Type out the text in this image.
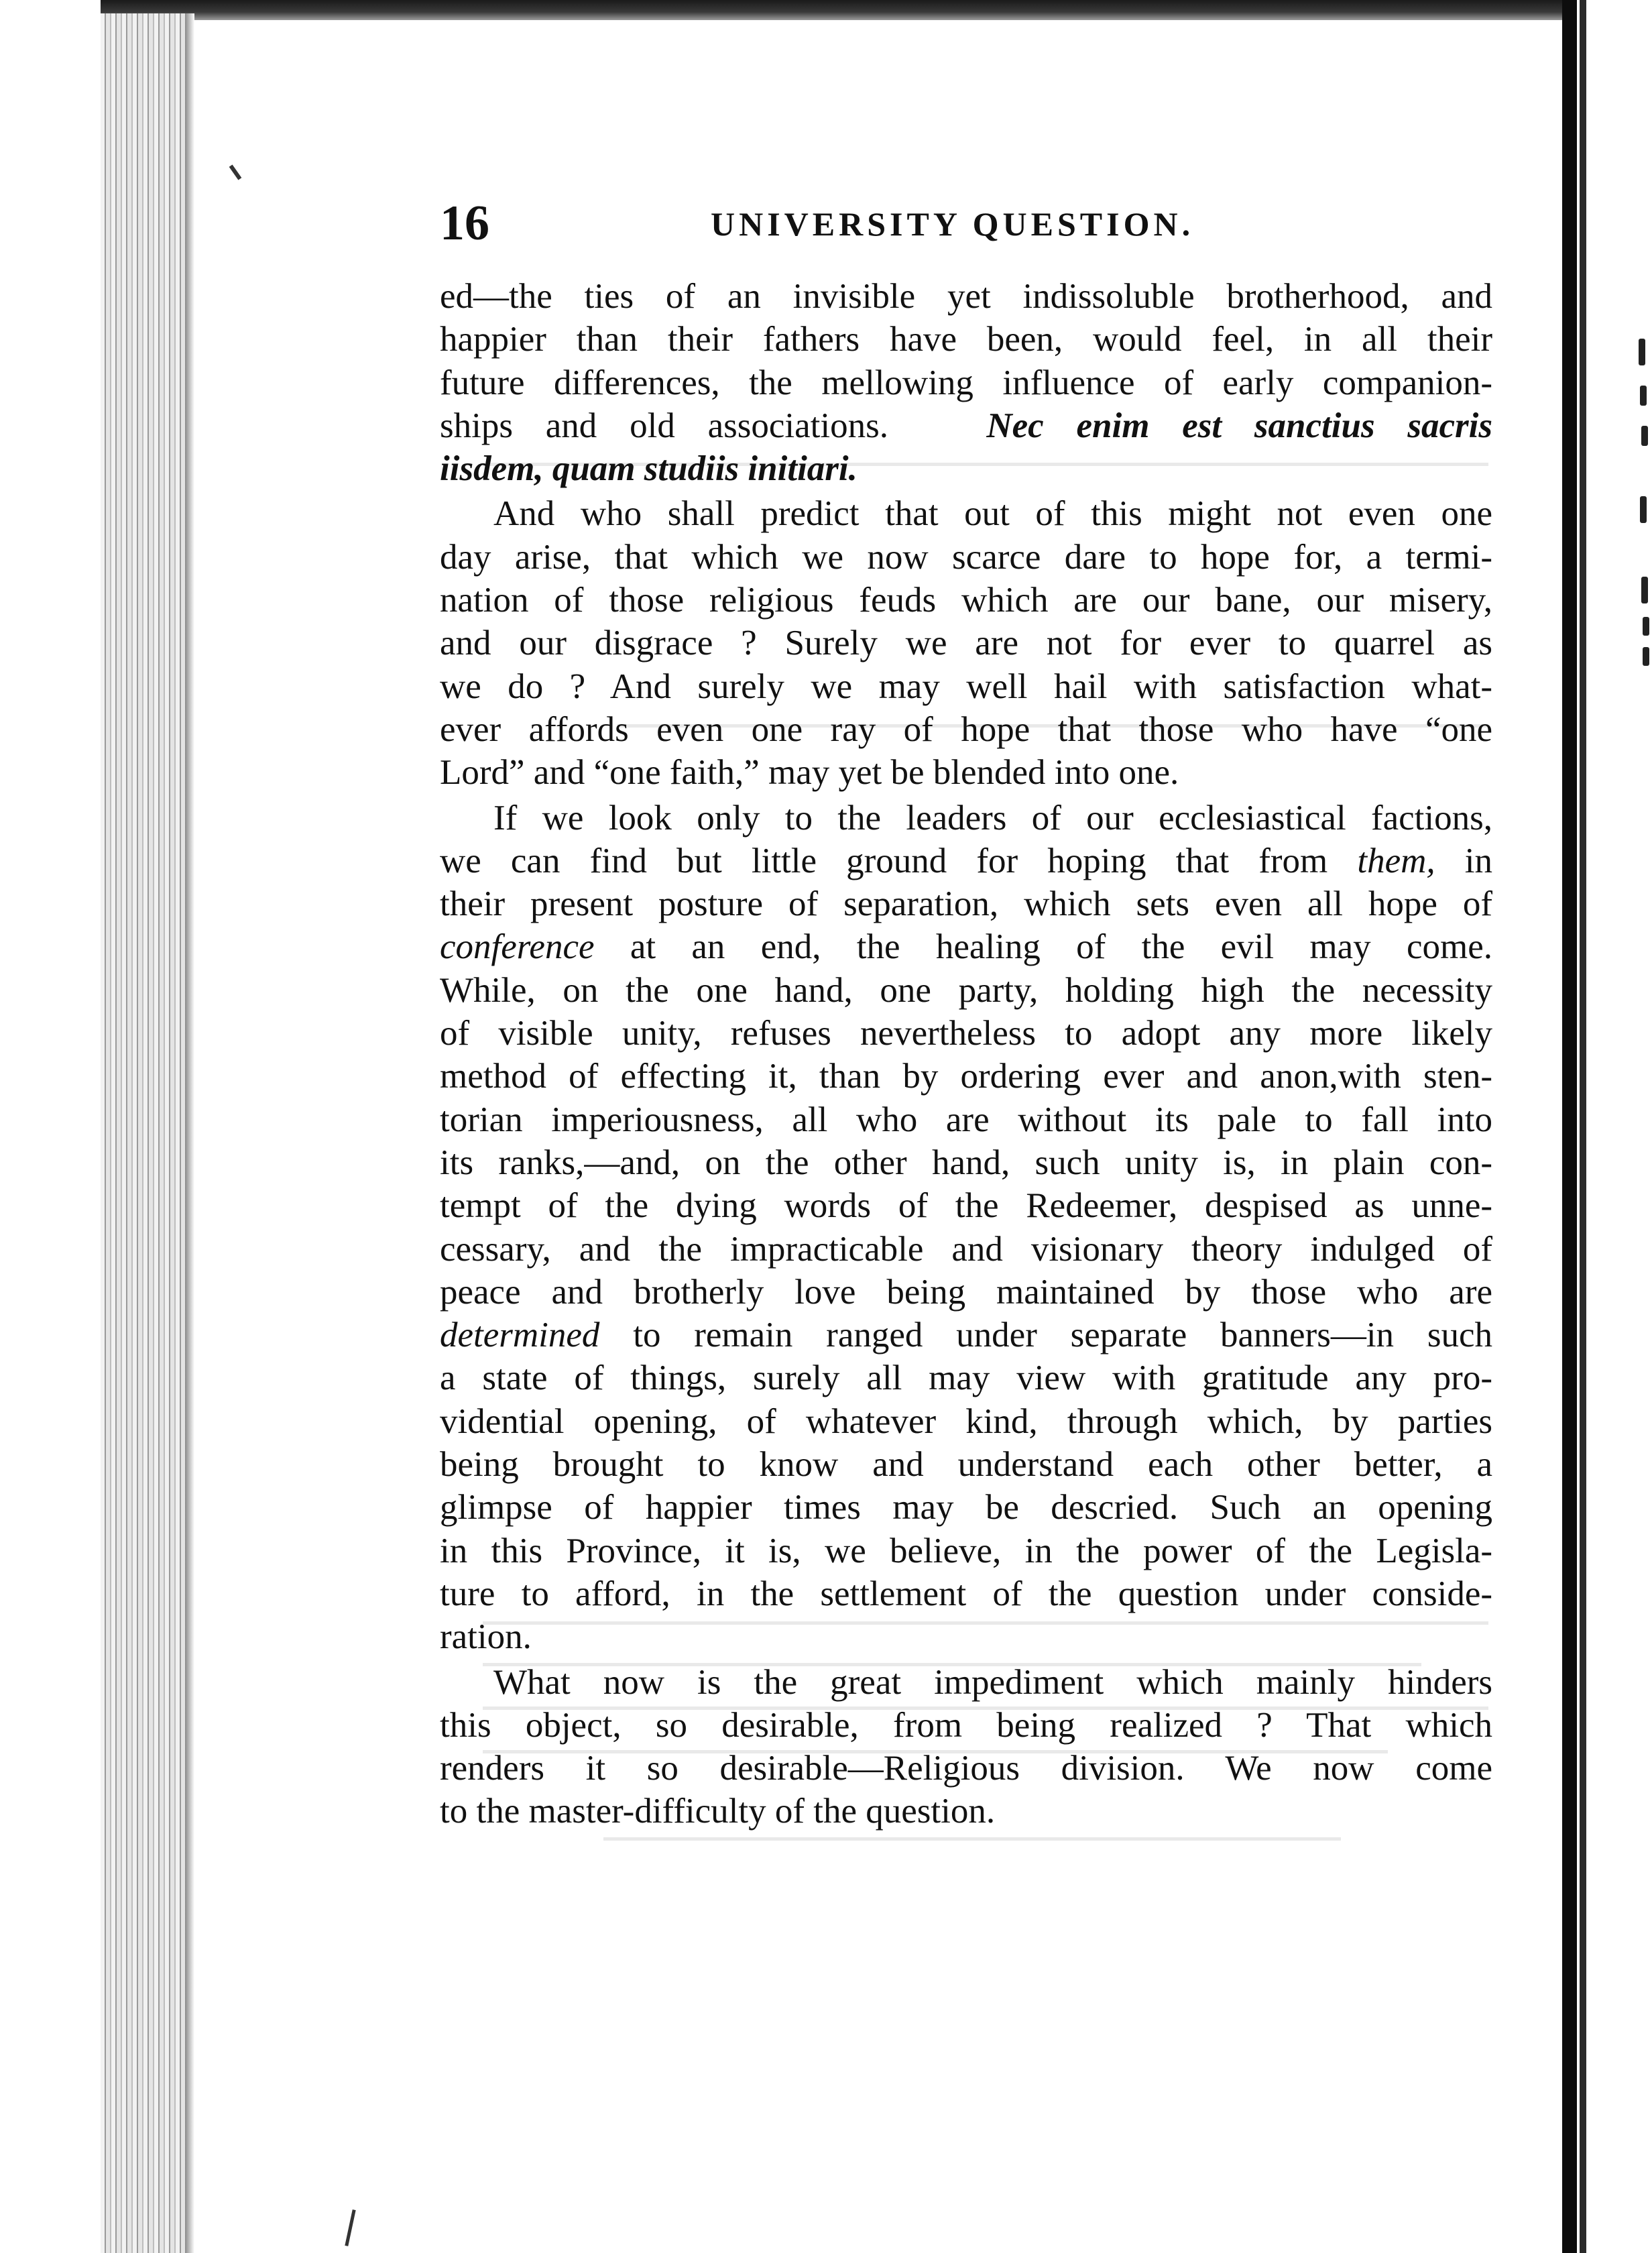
16	UNIVERSITY QUESTION.

ed—the ties of an invisible yet indissoluble brotherhood, and
happier than their fathers have been, would feel, in all their
future differences, the mellowing influence of early companion-
ships and old associations.	Nec enim est sanctius sacris
iisdem, quam studiis initiari.

And who shall predict that out of this might not even one
day arise, that which we now scarce dare to hope for, a termi-
nation of those religious feuds which are our bane, our misery,
and our disgrace ? Surely we are not for ever to quarrel as
we do ? And surely we may well hail with satisfaction what-
ever affords even one ray of hope that those who have “one
Lord” and “one faith,” may yet be blended into one.

If we look only to the leaders of our ecclesiastical factions,
we can find but little ground for hoping that from them, in
their present posture of separation, which sets even all hope of
conference at an end, the healing of the evil may come.
While, on the one hand, one party, holding high the necessity
of visible unity, refuses nevertheless to adopt any more likely
method of effecting it, than by ordering ever and anon,with sten-
torian imperiousness, all who are without its pale to fall into
its ranks,—and, on the other hand, such unity is, in plain con-
tempt of the dying words of the Redeemer, despised as unne-
cessary, and the impracticable and visionary theory indulged of
peace and brotherly love being maintained by those who are
determined to remain ranged under separate banners—in such
a state of things, surely all may view with gratitude any pro-
vidential opening, of whatever kind, through which, by parties
being brought to know and understand each other better, a
glimpse of happier times may be descried. Such an opening
in this Province, it is, we believe, in the power of the Legisla-
ture to afford, in the settlement of the question under conside-
ration.

What now is the great impediment which mainly hinders
this object, so desirable, from being realized ? That which
renders it so desirable—Religious division. We now come
to the master-difficulty of the question.
